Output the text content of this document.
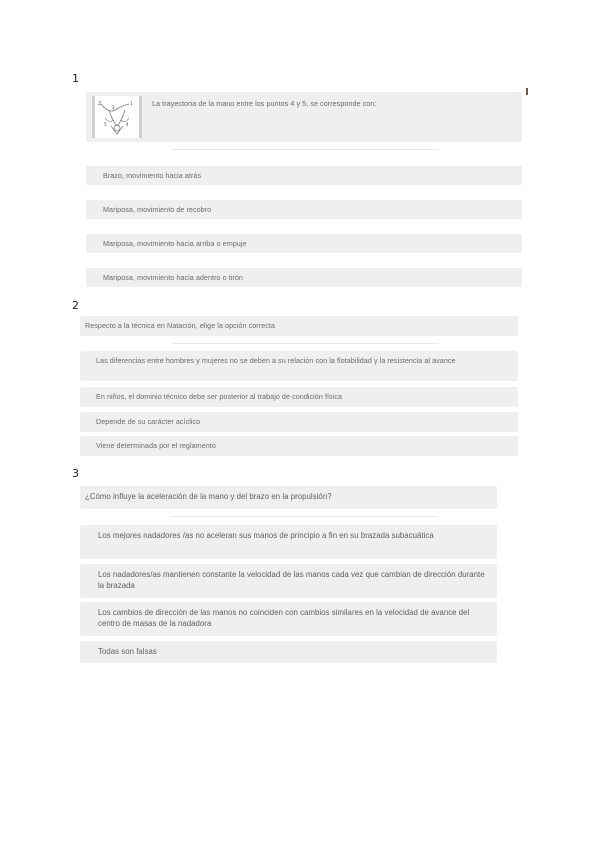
1
2
3
1
5	4
La trayectoria de la mano entre los puntos 4 y 5, se corresponde con:
Brazo, movimiento hacia atrás
Mariposa, movimiento de recobro
Mariposa, movimiento hacia arriba o empuje
Mariposa, movimiento hacia adentro o tirón
2
Respecto a la técnica en Natación, elige la opción correcta
Las diferencias entre hombres y mujeres no se deben a su relación con la flotabilidad y la resistencia al avance
En niños, el dominio técnico debe ser posterior al trabajo de condición física
Depende de su carácter acíclico
Viene determinada por el reglamento
3
¿Cómo influye la aceleración de la mano y del brazo en la propulsión?
Los mejores nadadores /as no aceleran sus manos de principio a fin en su brazada subacuática
Los nadadores/as mantienen constante la velocidad de las manos cada vez que cambian de dirección durante la brazada
Los cambios de dirección de las manos no coinciden con cambios similares en la velocidad de avance del centro de masas de la nadadora
Todas son falsas
